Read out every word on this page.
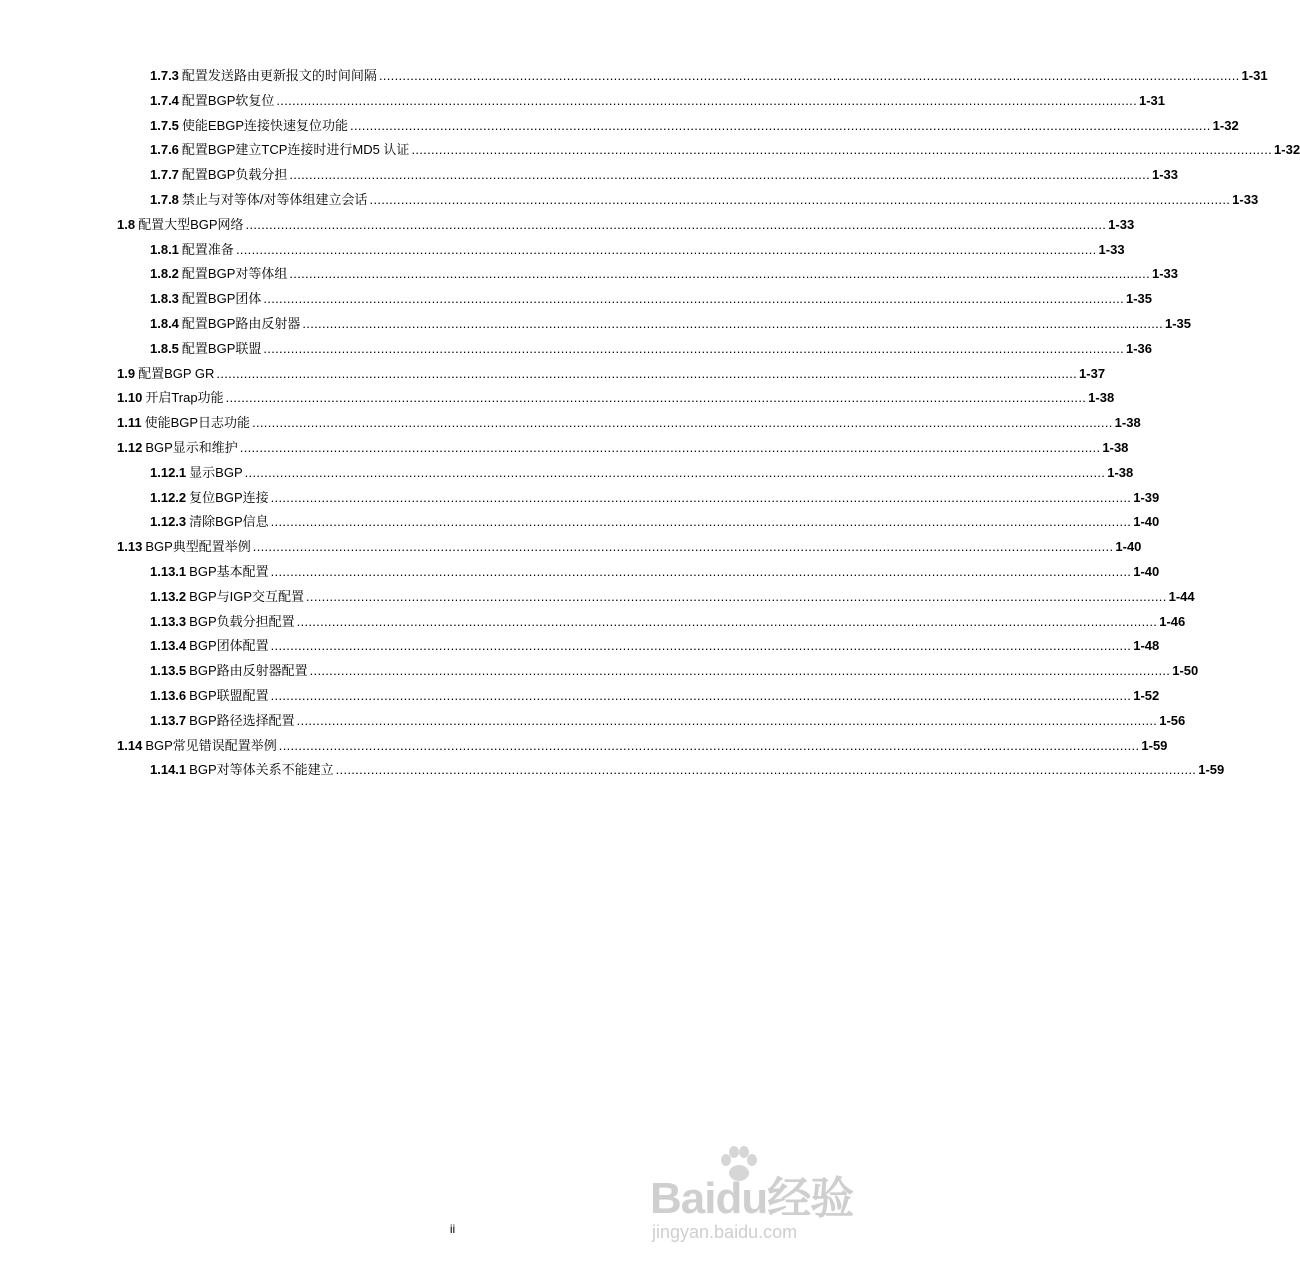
1.7.3 配置发送路由更新报文的时间间隔 ............................................................................................................................................................................................................................ 1-31
1.7.4 配置BGP软复位 ............................................................................................................................................................................................................................ 1-31
1.7.5 使能EBGP连接快速复位功能 ............................................................................................................................................................................................................................ 1-32
1.7.6 配置BGP建立TCP连接时进行MD5 认证 ............................................................................................................................................................................................................................ 1-32
1.7.7 配置BGP负载分担 ............................................................................................................................................................................................................................ 1-33
1.7.8 禁止与对等体/对等体组建立会话 ............................................................................................................................................................................................................................ 1-33
1.8 配置大型BGP网络 ............................................................................................................................................................................................................................ 1-33
1.8.1 配置准备 ............................................................................................................................................................................................................................ 1-33
1.8.2 配置BGP对等体组 ............................................................................................................................................................................................................................ 1-33
1.8.3 配置BGP团体 ............................................................................................................................................................................................................................ 1-35
1.8.4 配置BGP路由反射器 ............................................................................................................................................................................................................................ 1-35
1.8.5 配置BGP联盟 ............................................................................................................................................................................................................................ 1-36
1.9 配置BGP GR ............................................................................................................................................................................................................................ 1-37
1.10 开启Trap功能 ............................................................................................................................................................................................................................ 1-38
1.11 使能BGP日志功能 ............................................................................................................................................................................................................................ 1-38
1.12 BGP显示和维护 ............................................................................................................................................................................................................................ 1-38
1.12.1 显示BGP ............................................................................................................................................................................................................................ 1-38
1.12.2 复位BGP连接 ............................................................................................................................................................................................................................ 1-39
1.12.3 清除BGP信息 ............................................................................................................................................................................................................................ 1-40
1.13 BGP典型配置举例 ............................................................................................................................................................................................................................ 1-40
1.13.1 BGP基本配置 ............................................................................................................................................................................................................................ 1-40
1.13.2 BGP与IGP交互配置 ............................................................................................................................................................................................................................ 1-44
1.13.3 BGP负载分担配置 ............................................................................................................................................................................................................................ 1-46
1.13.4 BGP团体配置 ............................................................................................................................................................................................................................ 1-48
1.13.5 BGP路由反射器配置 ............................................................................................................................................................................................................................ 1-50
1.13.6 BGP联盟配置 ............................................................................................................................................................................................................................ 1-52
1.13.7 BGP路径选择配置 ............................................................................................................................................................................................................................ 1-56
1.14 BGP常见错误配置举例 ............................................................................................................................................................................................................................ 1-59
1.14.1 BGP对等体关系不能建立 ............................................................................................................................................................................................................................ 1-59
ii
Baidu经验
jingyan.baidu.com
